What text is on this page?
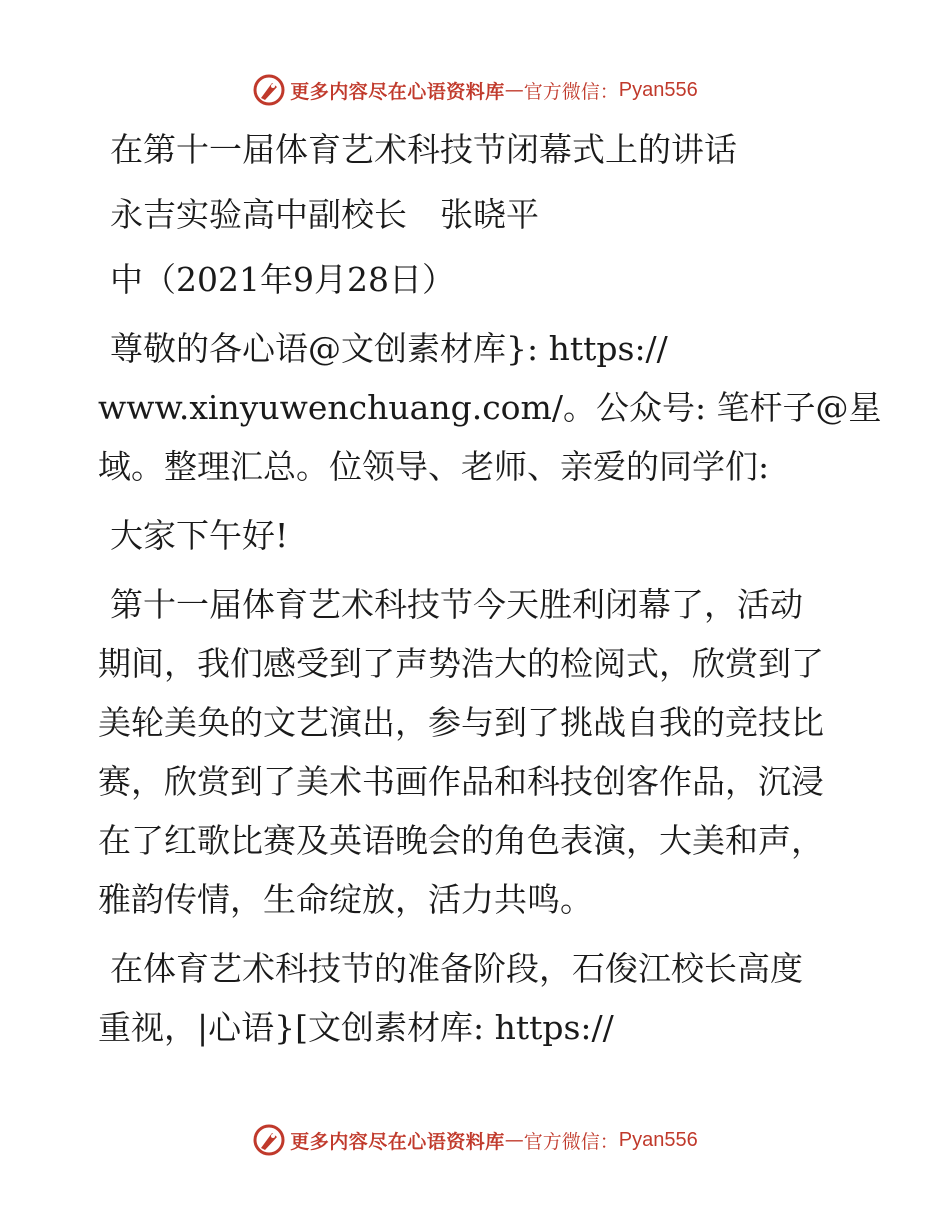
更多内容尽在心语资料库 — 官方微信： Pyan556
在第十一届体育艺术科技节闭幕式上的讲话
永吉实验高中副校长　张晓平
中（2021年9月28日）
尊敬的各心语@文创素材库}: https://
www.xinyuwenchuang.com/。公众号: 笔杆子@星
域。整理汇总。位领导、老师、亲爱的同学们:
大家下午好!
第十一届体育艺术科技节今天胜利闭幕了，活动
期间，我们感受到了声势浩大的检阅式，欣赏到了
美轮美奂的文艺演出，参与到了挑战自我的竞技比
赛，欣赏到了美术书画作品和科技创客作品，沉浸
在了红歌比赛及英语晚会的角色表演，大美和声，
雅韵传情，生命绽放，活力共鸣。
在体育艺术科技节的准备阶段，石俊江校长高度
重视，|心语}[文创素材库: https://
更多内容尽在心语资料库 — 官方微信： Pyan556
